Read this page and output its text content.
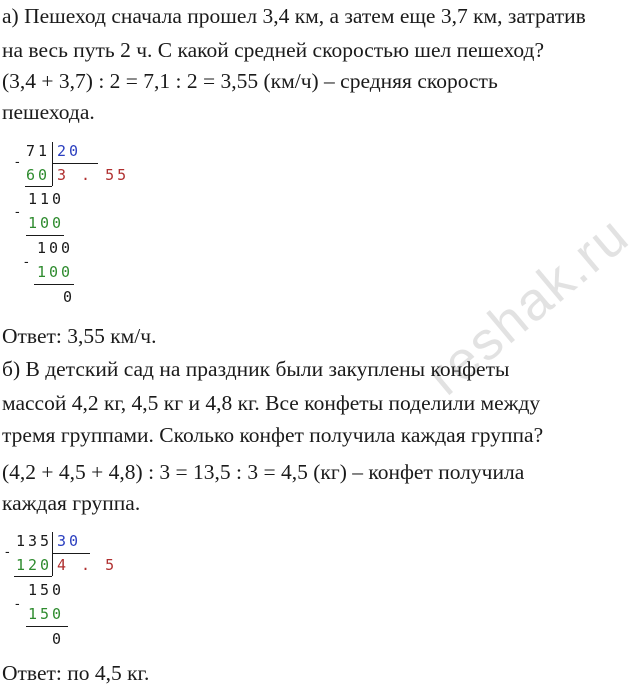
reshak.ru
а) Пешеход сначала прошел 3,4 км, а затем еще 3,7 км, затратив
на весь путь 2 ч. С какой средней скоростью шел пешеход?
(3,4 + 3,7) : 2 = 7,1 : 2 = 3,55 (км/ч) – средняя скорость
пешехода.
71 20
-
60 3 . 55
110
-
100
100
-
100
0
Ответ: 3,55 км/ч.
б) В детский сад на праздник были закуплены конфеты
массой 4,2 кг, 4,5 кг и 4,8 кг. Все конфеты поделили между
тремя группами. Сколько конфет получила каждая группа?
(4,2 + 4,5 + 4,8) : 3 = 13,5 : 3 = 4,5 (кг) – конфет получила
каждая группа.
135 30
-
120 4 . 5
150
-
150
0
Ответ: по 4,5 кг.
